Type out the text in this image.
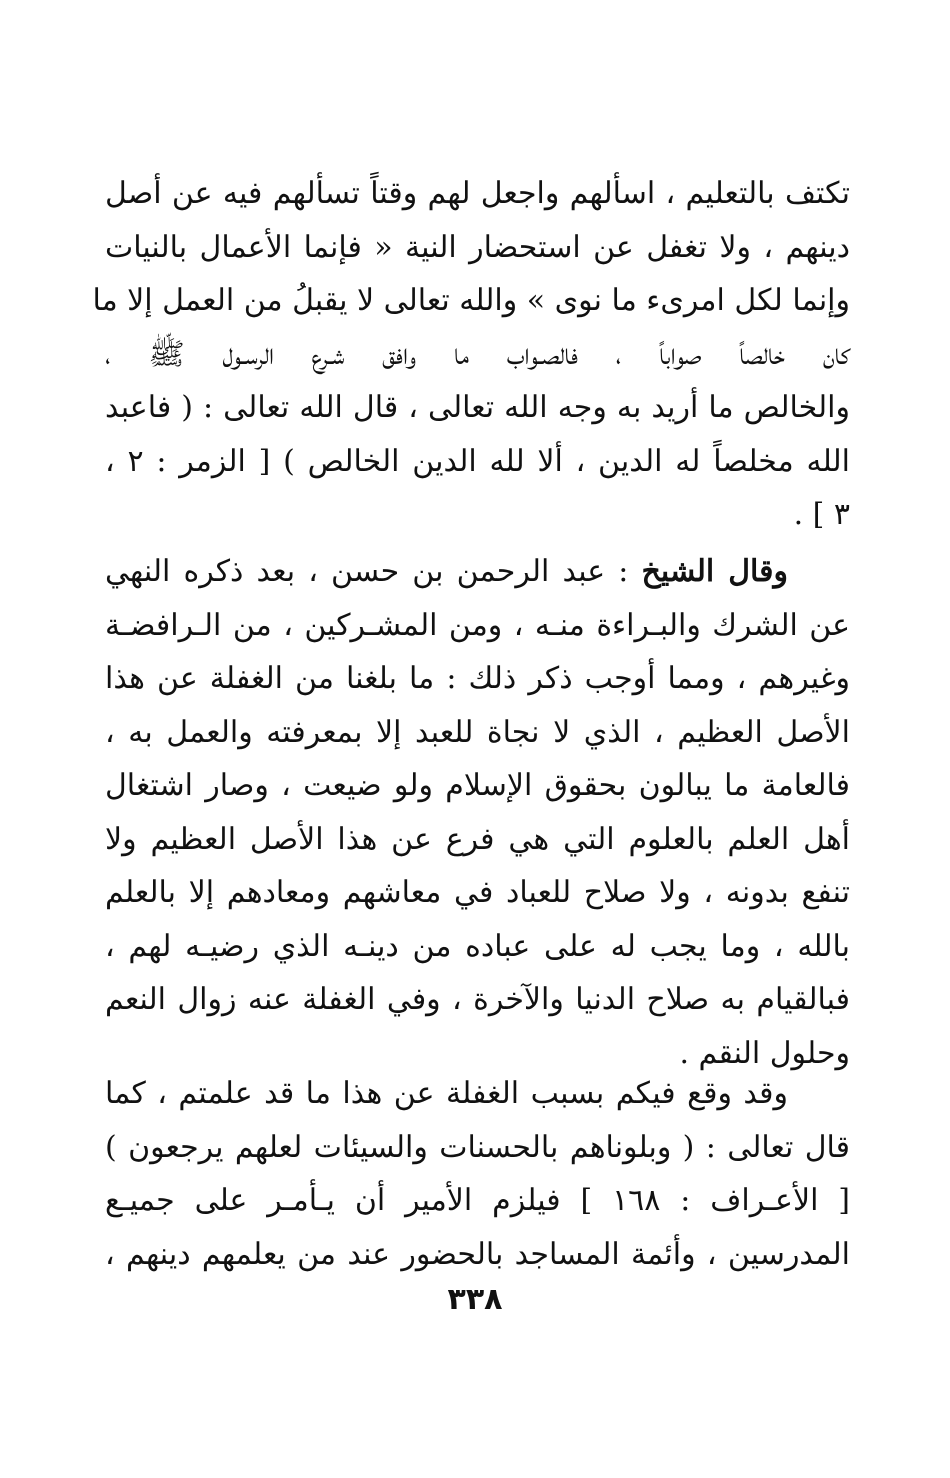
تكتف بالتعليم ، اسألهم واجعل لهم وقتاً تسألهم فيه عن أصل
دينهم ، ولا تغفل عن استحضار النية « فإنما الأعمال بالنيات
وإنما لكل امرىء ما نوى » والله تعالى لا يقبلُ من العمل إلا ما
كان خالصاً صواباً ، فالصـواب ما وافق شـرع الرسـول ﷺ ،
والخالص ما أريد به وجه الله تعالى ، قال الله تعالى : ( فاعبد
الله مخلصاً له الدين ، ألا لله الدين الخالص ) [ الزمر : ٢ ،
٣ ] .

وقال الشيخ : عبد الرحمن بن حسن ، بعد ذكره النهي
عن الشرك والبـراءة منـه ، ومن المشـركين ، من الـرافضـة
وغيرهم ، ومما أوجب ذكر ذلك : ما بلغنا من الغفلة عن هذا
الأصل العظيم ، الذي لا نجاة للعبد إلا بمعرفته والعمل به ،
فالعامة ما يبالون بحقوق الإسلام ولو ضيعت ، وصار اشتغال
أهل العلم بالعلوم التي هي فرع عن هذا الأصل العظيم ولا
تنفع بدونه ، ولا صلاح للعباد في معاشهم ومعادهم إلا بالعلم
بالله ، وما يجب له على عباده من دينـه الذي رضيـه لهم ،
فبالقيام به صلاح الدنيا والآخرة ، وفي الغفلة عنه زوال النعم
وحلول النقم .

وقد وقع فيكم بسبب الغفلة عن هذا ما قد علمتم ، كما
قال تعالى : ( وبلوناهم بالحسنات والسيئات لعلهم يرجعون )
[ الأعـراف : ١٦٨ ] فيلزم الأمير أن يـأمـر على جميـع
المدرسين ، وأئمة المساجد بالحضور عند من يعلمهم دينهم ،

٣٣٨
